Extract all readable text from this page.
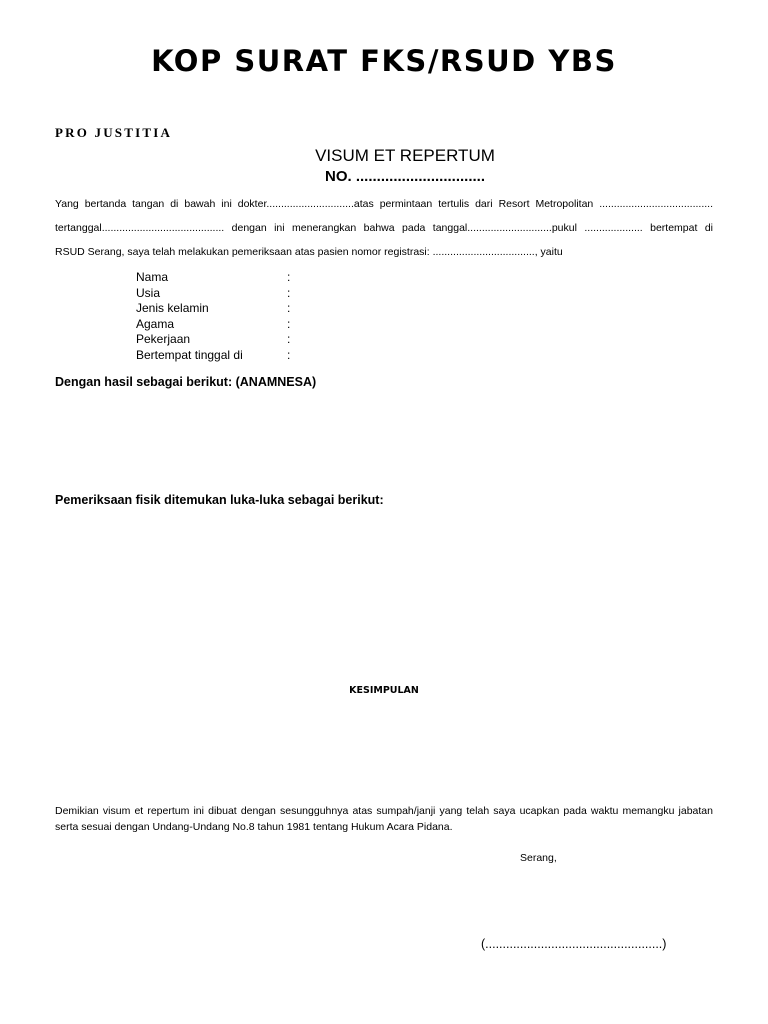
KOP SURAT FKS/RSUD YBS
PRO JUSTITIA
VISUM ET REPERTUM
NO. ...............................
Yang bertanda tangan di bawah ini dokter..............................atas permintaan tertulis dari Resort Metropolitan .......................................
tertanggal.......................................... dengan ini menerangkan bahwa pada tanggal.............................pukul .................... bertempat di
RSUD Serang, saya telah melakukan pemeriksaan atas pasien nomor registrasi: ..................................., yaitu
Nama	:
Usia	:
Jenis kelamin	:
Agama	:
Pekerjaan	:
Bertempat tinggal di	:
Dengan hasil sebagai berikut: (ANAMNESA)
Pemeriksaan fisik ditemukan luka-luka sebagai berikut:
KESIMPULAN
Demikian visum et repertum ini dibuat dengan sesungguhnya atas sumpah/janji yang telah saya ucapkan pada waktu memangku jabatan
serta sesuai dengan Undang-Undang No.8 tahun 1981 tentang Hukum Acara Pidana.
Serang,
(...................................................)
